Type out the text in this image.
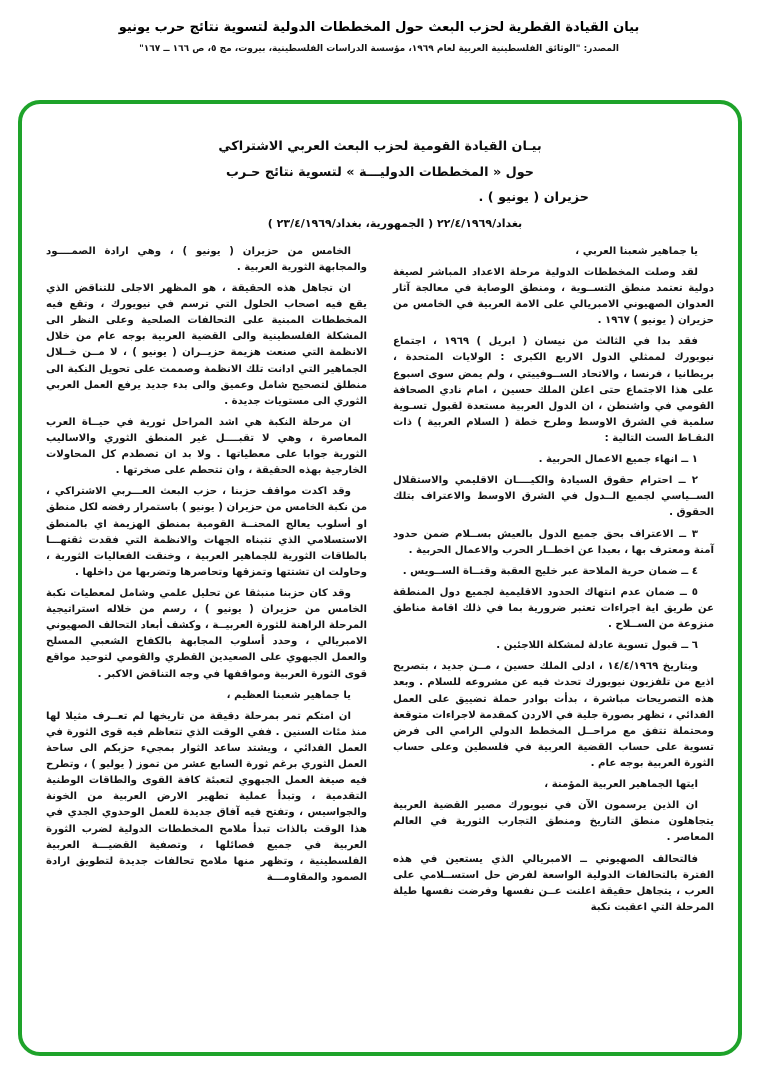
بيان القيادة القطرية لحزب البعث حول المخططات الدولية لتسوية نتائج حرب يونيو
المصدر: "الوثائق الفلسطينية العربية لعام ١٩٦٩، مؤسسة الدراسات الفلسطينية، بيروت، مج ٥، ص ١٦٦ ــ ١٦٧"
بيـان القيادة القومية لحزب البعث العربي الاشتراكي
حول « المخططات الدوليـــة » لتسوية نتائج حـرب
حزيران ( يونيو ) .
بغداد/٢٢/٤/١٩٦٩ ( الجمهورية، بغداد/٢٣/٤/١٩٦٩ )

يا جماهير شعبنا العربي ،

لقد وصلت المخططات الدولية مرحلة الاعداد المباشر لصيغة دولية تعتمد منطق التســوية ، ومنطق الوصاية في معالجة آثار العدوان الصهيوني الامبريالي على الامة العربية في الخامس من حزيران ( يونيو ) ١٩٦٧ .

فقد بدا في الثالث من نيسان ( ابريل ) ١٩٦٩ ، اجتماع نيويورك لممثلي الدول الاربع الكبرى : الولايات المتحدة ، بريطانيا ، فرنسا ، والاتحاد الســوفييتي ، ولم يمض سوى اسبوع على هذا الاجتماع حتى اعلن الملك حسين ، امام نادي الصحافة القومي في واشنطن ، ان الدول العربية مستعدة لقبول تسـوية سلمية في الشرق الاوسط وطرح خطة ( السلام العربية ) ذات النقـاط الست التالية :

١ ــ انهاء جميع الاعمال الحربية .

٢ ــ احترام حقوق السيادة والكيــــان الاقليمي والاستقلال الســياسي لجميع الــدول في الشرق الاوسط والاعتراف بتلك الحقوق .

٣ ــ الاعتراف بحق جميع الدول بالعيش بســلام ضمن حدود آمنة ومعترف بها ، بعيدا عن اخطــار الحرب والاعمال الحربية .

٤ ــ ضمان حرية الملاحة عبر خليج العقبة وقنــاة الســويس .

٥ ــ ضمان عدم انتهاك الحدود الاقليمية لجميع دول المنطقة عن طريق اية اجراءات تعتبر ضرورية بما في ذلك اقامة مناطق منزوعة من الســلاح .

٦ ــ قبول تسوية عادلة لمشكلة اللاجئين .

وبتاريخ ١٤/٤/١٩٦٩ ، ادلى الملك حسين ، مــن جديد ، بتصريح اذيع من تلفزيون نيويورك تحدث فيه عن مشروعه للسلام . وبعد هذه التصريحات مباشرة ، بدأت بوادر حملة تضييق على العمل الفدائي ، تظهر بصورة جلية في الاردن كمقدمة لاجراءات متوقعة ومحتملة تتفق مع مراحــل المخطط الدولي الرامي الى فرض تسوية على حساب القضية العربية في فلسطين وعلى حساب الثورة العربية بوجه عام .

ايتها الجماهير العربية المؤمنة ،

ان الذين يرسمون الآن في نيويورك مصير القضية العربية يتجاهلون منطق التاريخ ومنطق التجارب الثورية في العالم المعاصر .

فالتحالف الصهيوني ــ الامبريالي الذي يستعين في هذه الفترة بالتحالفات الدولية الواسعة لفرض حل استســلامي على العرب ، يتجاهل حقيقة اعلنت عــن نفسها وفرضت نفسها طيلة المرحلة التي اعقبت نكبة

الخامس من حزيران ( يونيو ) ، وهي ارادة الصمــــود والمجابهة الثورية العربية .

ان تجاهل هذه الحقيقة ، هو المظهر الاجلى للتناقض الذي يقع فيه اصحاب الحلول التي ترسم في نيويورك ، وتقع فيه المخططات المبنية على التحالفات الصلحية وعلى النظر الى المشكلة الفلسطينية والى القضية العربية بوجه عام من خلال الانظمة التي صنعت هزيمة حزيــران ( يونيو ) ، لا مــن خــلال الجماهير التي ادانت تلك الانظمة وصممت على تحويل النكبة الى منطلق لتصحيح شامل وعميق والى بدء جديد يرفع العمل العربي الثوري الى مستويات جديدة .

ان مرحلة النكبة هي اشد المراحل ثورية في حيــاة العرب المعاصرة ، وهي لا تقبــــل غير المنطق الثوري والاساليب الثورية جوابا على معطياتها . ولا بد ان تصطدم كل المحاولات الخارجية بهذه الحقيقة ، وان تتحطم على صخرتها .

وقد اكدت مواقف حزبنا ، حزب البعث العـــربي الاشتراكي ، من نكبة الخامس من حزيران ( يونيو ) باستمرار رفضه لكل منطق او أسلوب يعالج المحنــة القومية بمنطق الهزيمة اي بالمنطق الاستسلامي الذي تتبناه الجهات والانظمة التي فقدت ثقتهـــا بالطاقات الثورية للجماهير العربية ، وخنقت الفعاليات الثورية ، وحاولت ان تشتتها وتمزقها وتحاصرها وتضربها من داخلها .

وقد كان حزبنا منبثقا عن تحليل علمي وشامل لمعطيات نكبة الخامس من حزيران ( يونيو ) ، رسم من خلاله استراتيجية المرحلة الراهنة للثورة العربيــة ، وكشف أبعاد التحالف الصهيوني الامبريالي ، وحدد أسلوب المجابهة بالكفاح الشعبي المسلح والعمل الجبهوي على الصعيدين القطري والقومي لتوحيد مواقع قوى الثورة العربية ومواقفها في وجه التناقض الاكبر .

يا جماهير شعبنا العظيم ،

ان امتكم تمر بمرحلة دقيقة من تاريخها لم تعــرف مثيلا لها منذ مئات السنين . ففي الوقت الذي تتعاظم فيه قوى الثورة في العمل الفدائي ، ويشتد ساعد الثوار بمجيء حزبكم الى ساحة العمل الثوري برغم ثورة السابع عشر من تموز ( يوليو ) ، وتطرح فيه صيغة العمل الجبهوي لتعبئة كافة القوى والطاقات الوطنية التقدمية ، وتبدأ عملية تطهير الارض العربية من الخونة والجواسيس ، وتفتح فيه آفاق جديدة للعمل الوحدوي الجدي في هذا الوقت بالذات تبدأ ملامح المخططات الدولية لضرب الثورة العربية في جميع فصائلها ، وتصفية القضيـــة العربية الفلسطينية ، وتظهر منها ملامح تحالفات جديدة لتطويق ارادة الصمود والمقاومـــة
